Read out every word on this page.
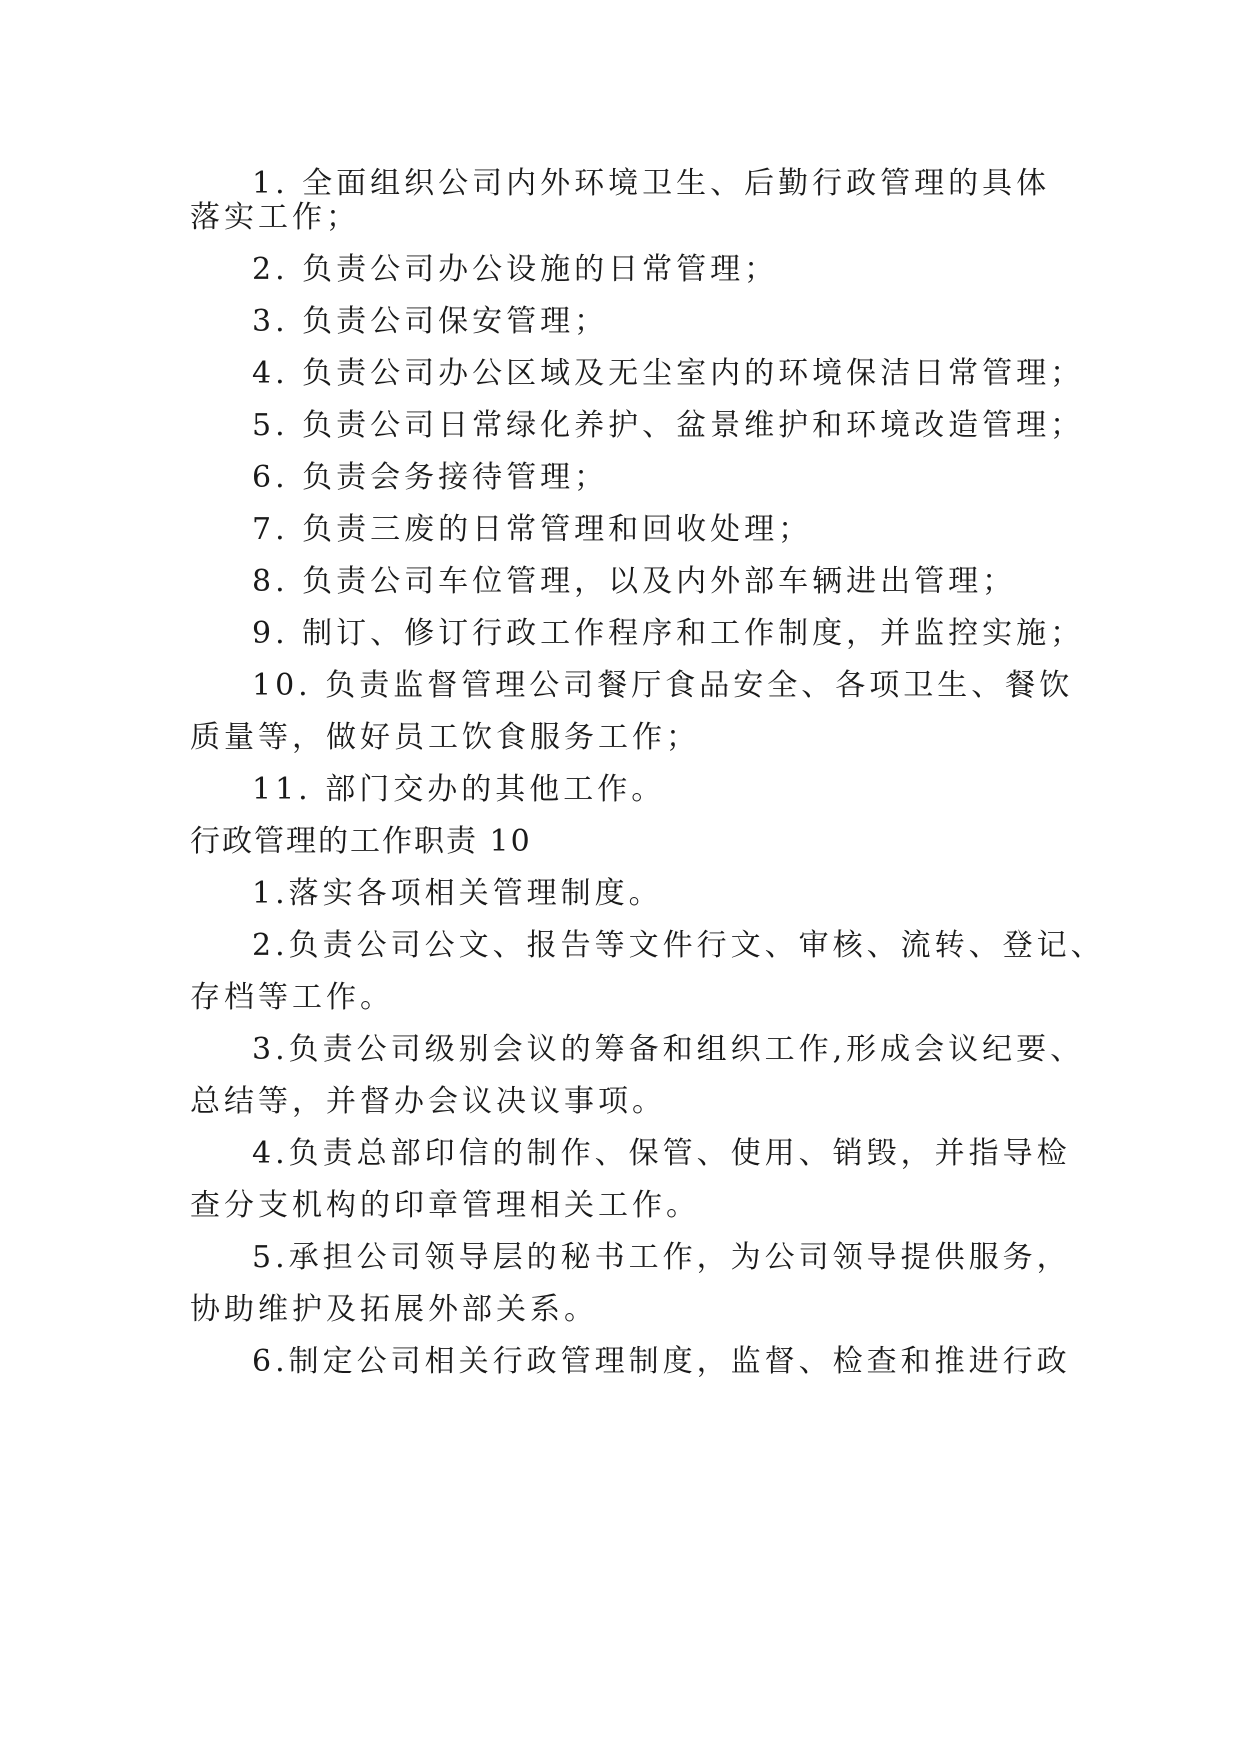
1. 全面组织公司内外环境卫生、后勤行政管理的具体
落实工作；
2. 负责公司办公设施的日常管理；
3. 负责公司保安管理；
4. 负责公司办公区域及无尘室内的环境保洁日常管理；
5. 负责公司日常绿化养护、盆景维护和环境改造管理；
6. 负责会务接待管理；
7. 负责三废的日常管理和回收处理；
8. 负责公司车位管理，以及内外部车辆进出管理；
9. 制订、修订行政工作程序和工作制度，并监控实施；
10. 负责监督管理公司餐厅食品安全、各项卫生、餐饮
质量等，做好员工饮食服务工作；
11. 部门交办的其他工作。
行政管理的工作职责 10
1.落实各项相关管理制度。
2.负责公司公文、报告等文件行文、审核、流转、登记、
存档等工作。
3.负责公司级别会议的筹备和组织工作,形成会议纪要、
总结等，并督办会议决议事项。
4.负责总部印信的制作、保管、使用、销毁，并指导检
查分支机构的印章管理相关工作。
5.承担公司领导层的秘书工作，为公司领导提供服务，
协助维护及拓展外部关系。
6.制定公司相关行政管理制度，监督、检查和推进行政
